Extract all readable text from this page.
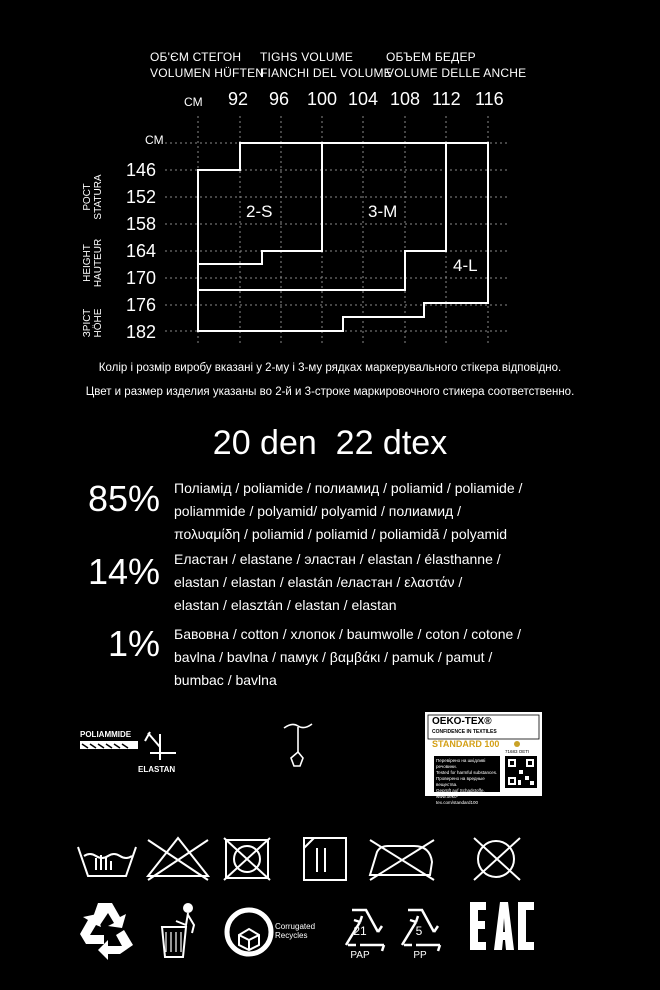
ОБ'ЄМ СТЕГОН
VOLUMEN HÜFTEN
TIGHS VOLUME
FIANCHI DEL VOLUME
ОБЪЕМ БЕДЕР
VOLUME DELLE ANCHE
CM 92 96 100 104 108 112 116
CM
146
152
158
164
170
176
182
РОСТ STATURA
HEIGHT HAUTEUR
ЗРІСТ HÖHE
2-S	3-M
4-L
Колір і розмір виробу вказані у 2-му і 3-му рядках маркерувального стікера відповідно.
Цвет и размер изделия указаны во 2-й и 3-строке маркировочного стикера соответственно.
20 den  22 dtex
85% Поліамід / poliamide / полиамид / poliamid / poliamide /
poliammide / polyamid/ polyamid / полиамид /
πολυαμίδη / poliamid / poliamid / poliamidă / polyamid
14% Еластан / elastane / эластан / elastan / élasthanne /
elastan / elastan / elastán /еластан / ελαστάν /
elastan / elasztán / elastan / elastan
1% Бавовна / cotton / хлопок / baumwolle / coton / cotone /
bavlna / bavlna / памук / βαμβάκι / pamuk / pamut /
bumbac / bavlna
POLIAMMIDE
ELASTAN
OEKO-TEX®
CONFIDENCE IN TEXTILES
STANDARD 100
71683 OETI
Перевірено на шкідливі речовини.
Tested for harmful substances.
Проверено на вредные вещества.
Geprüft auf Schadstoffe.
www.oeko-tex.com/standard100
Corrugated
Recycles	21
PAP
5
PP
